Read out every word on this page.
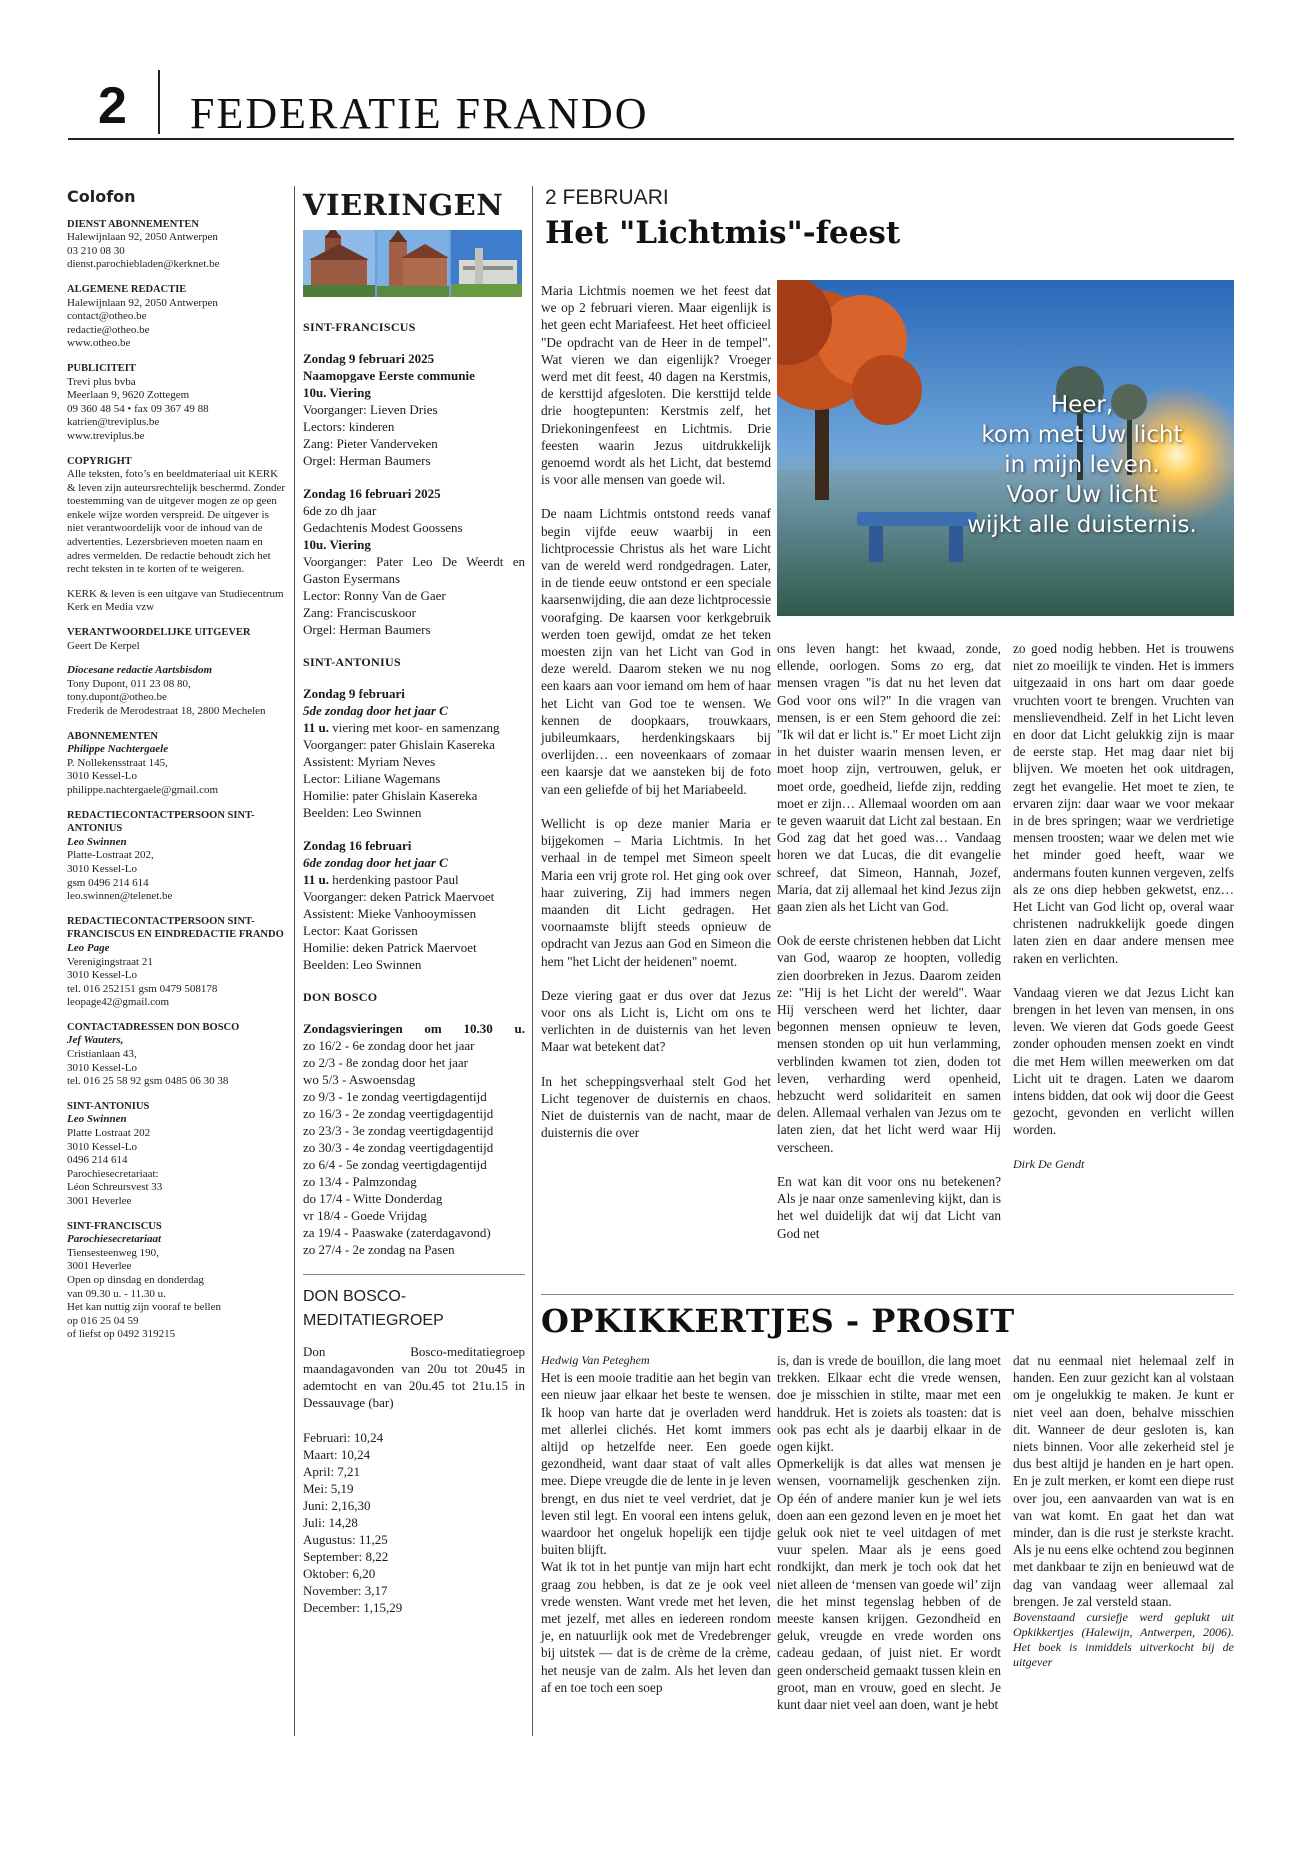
2 FEDERATIE FRANDO
Colofon
DIENST ABONNEMENTEN
Halewijnlaan 92, 2050 Antwerpen
03 210 08 30
dienst.parochiebladen@kerknet.be
ALGEMENE REDACTIE
Halewijnlaan 92, 2050 Antwerpen
contact@otheo.be
redactie@otheo.be
www.otheo.be
PUBLICITEIT
Trevi plus bvba
Meerlaan 9, 9620 Zottegem
09 360 48 54 • fax 09 367 49 88
katrien@treviplus.be
www.treviplus.be
COPYRIGHT
Alle teksten, foto’s en beeldmateriaal uit KERK & leven zijn auteursrechtelijk beschermd. Zonder toestemming van de uitgever mogen ze op geen enkele wijze worden verspreid. De uitgever is niet verantwoordelijk voor de inhoud van de advertenties. Lezersbrieven moeten naam en adres vermelden. De redactie behoudt zich het recht teksten in te korten of te weigeren.
KERK & leven is een uitgave van Studiecentrum Kerk en Media vzw
VERANTWOORDELIJKE UITGEVER
Geert De Kerpel
Diocesane redactie Aartsbisdom
Tony Dupont, 011 23 08 80,
tony.dupont@otheo.be
Frederik de Merodestraat 18, 2800 Mechelen
ABONNEMENTEN
Philippe Nachtergaele
P. Nollekensstraat 145,
3010 Kessel-Lo
philippe.nachtergaele@gmail.com
REDACTIECONTACTPERSOON SINT-ANTONIUS
Leo Swinnen
Platte-Lostraat 202,
3010 Kessel-Lo
gsm 0496 214 614
leo.swinnen@telenet.be
REDACTIECONTACTPERSOON SINT-FRANCISCUS EN EINDREDACTIE FRANDO
Leo Page
Verenigingstraat 21
3010 Kessel-Lo
tel. 016 252151 gsm 0479 508178
leopage42@gmail.com
CONTACTADRESSEN DON BOSCO
Jef Wauters,
Cristianlaan 43,
3010 Kessel-Lo
tel. 016 25 58 92 gsm 0485 06 30 38
SINT-ANTONIUS
Leo Swinnen
Platte Lostraat 202
3010 Kessel-Lo
0496 214 614
Parochiesecretariaat:
Léon Schreursvest 33
3001 Heverlee
SINT-FRANCISCUS
Parochiesecretariaat
Tiensesteenweg 190,
3001 Heverlee
Open op dinsdag en donderdag
van 09.30 u. - 11.30 u.
Het kan nuttig zijn vooraf te bellen
op 016 25 04 59
of liefst op 0492 319215
VIERINGEN
SINT-FRANCISCUS
Zondag 9 februari 2025
Naamopgave Eerste communie
10u. Viering
Voorganger: Lieven Dries
Lectors: kinderen
Zang: Pieter Vanderveken
Orgel: Herman Baumers
Zondag 16 februari 2025
6de zo dh jaar
Gedachtenis Modest Goossens
10u. Viering
Voorganger: Pater Leo De Weerdt en Gaston Eysermans
Lector: Ronny Van de Gaer
Zang: Franciscuskoor
Orgel: Herman Baumers
SINT-ANTONIUS
Zondag 9 februari
5de zondag door het jaar C
11 u. viering met koor- en samenzang
Voorganger: pater Ghislain Kasereka
Assistent: Myriam Neves
Lector: Liliane Wagemans
Homilie: pater Ghislain Kasereka
Beelden: Leo Swinnen
Zondag 16 februari
6de zondag door het jaar C
11 u. herdenking pastoor Paul
Voorganger: deken Patrick Maervoet
Assistent: Mieke Vanhooymissen
Lector: Kaat Gorissen
Homilie: deken Patrick Maervoet
Beelden: Leo Swinnen
DON BOSCO
Zondagsvieringen om 10.30 u.
zo 16/2 - 6e zondag door het jaar
zo 2/3 - 8e zondag door het jaar
wo 5/3 - Aswoensdag
zo 9/3 - 1e zondag veertigdagentijd
zo 16/3 - 2e zondag veertigdagentijd
zo 23/3 - 3e zondag veertigdagentijd
zo 30/3 - 4e zondag veertigdagentijd
zo 6/4 - 5e zondag veertigdagentijd
zo 13/4 - Palmzondag
do 17/4 - Witte Donderdag
vr 18/4 - Goede Vrijdag
za 19/4 - Paaswake (zaterdagavond)
zo 27/4 - 2e zondag na Pasen
DON BOSCO-MEDITATIEGROEP
Don Bosco-meditatiegroep maandagavonden van 20u tot 20u45 in ademtocht en van 20u.45 tot 21u.15 in Dessauvage (bar)
Februari: 10,24
Maart: 10,24
April: 7,21
Mei: 5,19
Juni: 2,16,30
Juli: 14,28
Augustus: 11,25
September: 8,22
Oktober: 6,20
November: 3,17
December: 1,15,29
2 FEBRUARI
Het "Lichtmis"-feest

Maria Lichtmis noemen we het feest dat we op 2 februari vieren. Maar eigenlijk is het geen echt Mariafeest. Het heet officieel "De opdracht van de Heer in de tempel". Wat vieren we dan eigenlijk? Vroeger werd met dit feest, 40 dagen na Kerstmis, de kersttijd afgesloten. Die kersttijd telde drie hoogtepunten: Kerstmis zelf, het Driekoningenfeest en Lichtmis. Drie feesten waarin Jezus uitdrukkelijk genoemd wordt als het Licht, dat bestemd is voor alle mensen van goede wil.

De naam Lichtmis ontstond reeds vanaf begin vijfde eeuw waarbij in een lichtprocessie Christus als het ware Licht van de wereld werd rondgedragen. Later, in de tiende eeuw ontstond er een speciale kaarsenwijding, die aan deze lichtprocessie voorafging. De kaarsen voor kerkgebruik werden toen gewijd, omdat ze het teken moesten zijn van het Licht van God in deze wereld. Daarom steken we nu nog een kaars aan voor iemand om hem of haar het Licht van God toe te wensen. We kennen de doopkaars, trouwkaars, jubileumkaars, herdenkingskaars bij overlijden… een noveenkaars of zomaar een kaarsje dat we aansteken bij de foto van een geliefde of bij het Mariabeeld.

Wellicht is op deze manier Maria er bijgekomen – Maria Lichtmis. In het verhaal in de tempel met Simeon speelt Maria een vrij grote rol. Het ging ook over haar zuivering, Zij had immers negen maanden dit Licht gedragen. Het voornaamste blijft steeds opnieuw de opdracht van Jezus aan God en Simeon die hem "het Licht der heidenen" noemt.

Deze viering gaat er dus over dat Jezus voor ons als Licht is, Licht om ons te verlichten in de duisternis van het leven Maar wat betekent dat?

In het scheppingsverhaal stelt God het Licht tegenover de duisternis en chaos. Niet de duisternis van de nacht, maar de duisternis die over

Heer,
kom met Uw licht
in mijn leven.
Voor Uw licht
wijkt alle duisternis.

ons leven hangt: het kwaad, zonde, ellende, oorlogen. Soms zo erg, dat mensen vragen "is dat nu het leven dat God voor ons wil?" In die vragen van mensen, is er een Stem gehoord die zei: "Ik wil dat er licht is." Er moet Licht zijn in het duister waarin mensen leven, er moet hoop zijn, vertrouwen, geluk, er moet orde, goedheid, liefde zijn, redding moet er zijn… Allemaal woorden om aan te geven waaruit dat Licht zal bestaan. En God zag dat het goed was… Vandaag horen we dat Lucas, die dit evangelie schreef, dat Simeon, Hannah, Jozef, Maria, dat zij allemaal het kind Jezus zijn gaan zien als het Licht van God.

Ook de eerste christenen hebben dat Licht van God, waarop ze hoopten, volledig zien doorbreken in Jezus. Daarom zeiden ze: "Hij is het Licht der wereld". Waar Hij verscheen werd het lichter, daar begonnen mensen opnieuw te leven, mensen stonden op uit hun verlamming, verblinden kwamen tot zien, doden tot leven, verharding werd openheid, hebzucht werd solidariteit en samen delen. Allemaal verhalen van Jezus om te laten zien, dat het licht werd waar Hij verscheen.

En wat kan dit voor ons nu betekenen? Als je naar onze samenleving kijkt, dan is het wel duidelijk dat wij dat Licht van God net

zo goed nodig hebben. Het is trouwens niet zo moeilijk te vinden. Het is immers uitgezaaid in ons hart om daar goede vruchten voort te brengen. Vruchten van menslievendheid. Zelf in het Licht leven en door dat Licht gelukkig zijn is maar de eerste stap. Het mag daar niet bij blijven. We moeten het ook uitdragen, zegt het evangelie. Het moet te zien, te ervaren zijn: daar waar we voor mekaar in de bres springen; waar we verdrietige mensen troosten; waar we delen met wie het minder goed heeft, waar we andermans fouten kunnen vergeven, zelfs als ze ons diep hebben gekwetst, enz… Het Licht van God licht op, overal waar christenen nadrukkelijk goede dingen laten zien en daar andere mensen mee raken en verlichten.

Vandaag vieren we dat Jezus Licht kan brengen in het leven van mensen, in ons leven. We vieren dat Gods goede Geest zonder ophouden mensen zoekt en vindt die met Hem willen meewerken om dat Licht uit te dragen. Laten we daarom intens bidden, dat ook wij door die Geest gezocht, gevonden en verlicht willen worden.

Dirk De Gendt
OPKIKKERTJES - PROSIT
Hedwig Van Peteghem
Het is een mooie traditie aan het begin van een nieuw jaar elkaar het beste te wensen. Ik hoop van harte dat je overladen werd met allerlei clichés. Het komt immers altijd op hetzelfde neer. Een goede gezondheid, want daar staat of valt alles mee. Diepe vreugde die de lente in je leven brengt, en dus niet te veel verdriet, dat je leven stil legt. En vooral een intens geluk, waardoor het ongeluk hopelijk een tijdje buiten blijft.
Wat ik tot in het puntje van mijn hart echt graag zou hebben, is dat ze je ook veel vrede wensten. Want vrede met het leven, met jezelf, met alles en iedereen rondom je, en natuurlijk ook met de Vredebrenger bij uitstek — dat is de crème de la crème, het neusje van de zalm. Als het leven dan af en toe toch een soep
is, dan is vrede de bouillon, die lang moet trekken. Elkaar echt die vrede wensen, doe je misschien in stilte, maar met een handdruk. Het is zoiets als toasten: dat is ook pas echt als je daarbij elkaar in de ogen kijkt.
Opmerkelijk is dat alles wat mensen je wensen, voornamelijk geschenken zijn. Op één of andere manier kun je wel iets doen aan een gezond leven en je moet het geluk ook niet te veel uitdagen of met vuur spelen. Maar als je eens goed rondkijkt, dan merk je toch ook dat het niet alleen de ‘mensen van goede wil’ zijn die het minst tegenslag hebben of de meeste kansen krijgen. Gezondheid en geluk, vreugde en vrede worden ons cadeau gedaan, of juist niet. Er wordt geen onderscheid gemaakt tussen klein en groot, man en vrouw, goed en slecht. Je kunt daar niet veel aan doen, want je hebt
dat nu eenmaal niet helemaal zelf in handen. Een zuur gezicht kan al volstaan om je ongelukkig te maken. Je kunt er niet veel aan doen, behalve misschien dit. Wanneer de deur gesloten is, kan niets binnen. Voor alle zekerheid stel je dus best altijd je handen en je hart open. En je zult merken, er komt een diepe rust over jou, een aanvaarden van wat is en van wat komt. En gaat het dan wat minder, dan is die rust je sterkste kracht. Als je nu eens elke ochtend zou beginnen met dankbaar te zijn en benieuwd wat de dag van vandaag weer allemaal zal brengen. Je zal versteld staan.
Bovenstaand cursiefje werd geplukt uit Opkikkertjes (Halewijn, Antwerpen, 2006). Het boek is inmiddels uitverkocht bij de uitgever
